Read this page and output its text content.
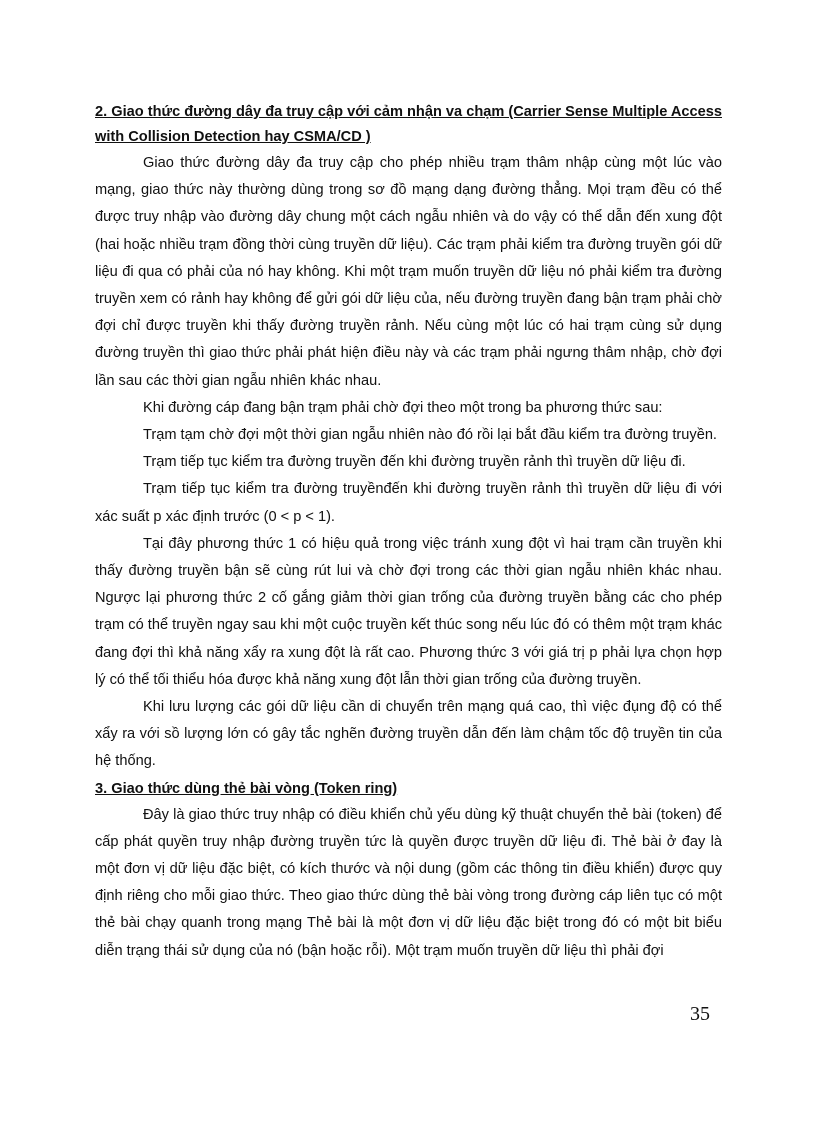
2. Giao thức đường dây đa truy cập với cảm nhận va chạm (Carrier Sense Multiple Access with Collision Detection hay CSMA/CD )

Giao thức đường dây đa truy cập cho phép nhiều trạm thâm nhập cùng một lúc vào mạng, giao thức này thường dùng trong sơ đồ mạng dạng đường thẳng. Mọi trạm đều có thể được truy nhập vào đường dây chung một cách ngẫu nhiên và do vậy có thể dẫn đến xung đột (hai hoặc nhiều trạm đồng thời cùng truyền dữ liệu). Các trạm phải kiểm tra đường truyền gói dữ liệu đi qua có phải của nó hay không. Khi một trạm muốn truyền dữ liệu nó phải kiểm tra đường truyền xem có rảnh hay không để gửi gói dữ liệu của, nếu đường truyền đang bận trạm phải chờ đợi chỉ được truyền khi thấy đường truyền rảnh. Nếu cùng một lúc có hai trạm cùng sử dụng đường truyền thì giao thức phải phát hiện điều này và các trạm phải ngưng thâm nhập, chờ đợi lần sau các thời gian ngẫu nhiên khác nhau.

Khi đường cáp đang bận trạm phải chờ đợi theo một trong ba phương thức sau:

Trạm tạm chờ đợi một thời gian ngẫu nhiên nào đó rồi lại bắt đầu kiểm tra đường truyền.

Trạm tiếp tục kiểm tra đường truyền đến khi đường truyền rảnh thì truyền dữ liệu đi.

Trạm tiếp tục kiểm tra đường truyềnđến khi đường truyền rảnh thì truyền dữ liệu đi với xác suất p xác định trước (0 < p < 1).

Tại đây phương thức 1 có hiệu quả trong việc tránh xung đột vì hai trạm cần truyền khi thấy đường truyền bận sẽ cùng rút lui và chờ đợi trong các thời gian ngẫu nhiên khác nhau. Ngược lại phương thức 2 cố gắng giảm thời gian trống của đường truyền bằng các cho phép trạm có thể truyền ngay sau khi một cuộc truyền kết thúc song nếu lúc đó có thêm một trạm khác đang đợi thì khả năng xẩy ra xung đột là rất cao. Phương thức 3 với giá trị p phải lựa chọn hợp lý có thể tối thiểu hóa được khả năng xung đột lẫn thời gian trống của đường truyền.

Khi lưu lượng các gói dữ liệu cần di chuyển trên mạng quá cao, thì việc đụng độ có thể xẩy ra với sồ lượng lớn có gây tắc nghẽn đường truyền dẫn đến làm chậm tốc độ truyền tin của hệ thống.

3. Giao thức dùng thẻ bài vòng (Token ring)

Đây là giao thức truy nhập có điều khiển chủ yếu dùng kỹ thuật chuyển thẻ bài (token) để cấp phát quyền truy nhập đường truyền tức là quyền được truyền dữ liệu đi. Thẻ bài ở đay là một đơn vị dữ liệu đặc biệt, có kích thước và nội dung (gồm các thông tin điều khiển) được quy định riêng cho mỗi giao thức. Theo giao thức dùng thẻ bài vòng trong đường cáp liên tục có một thẻ bài chạy quanh trong mạng Thẻ bài là một đơn vị dữ liệu đặc biệt trong đó có một bit biểu diễn trạng thái sử dụng của nó (bận hoặc rỗi). Một trạm muốn truyền dữ liệu thì phải đợi

35
